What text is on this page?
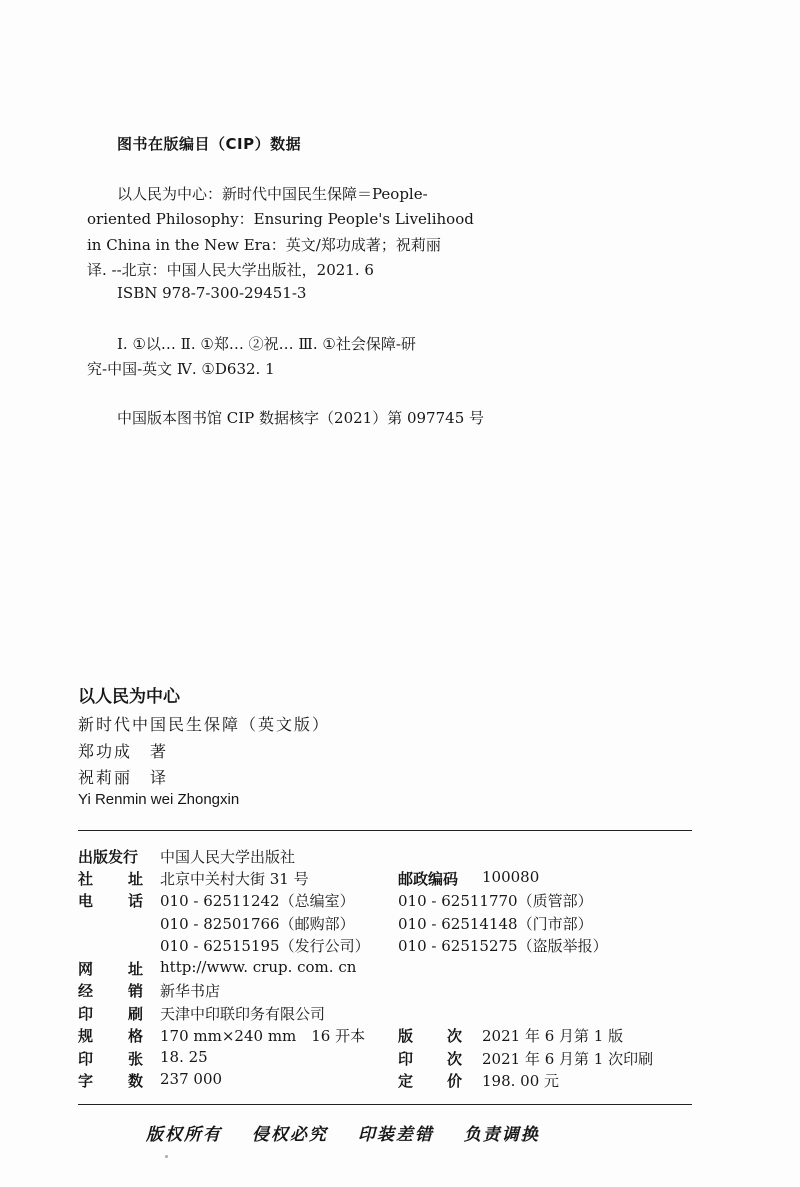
图书在版编目（CIP）数据
以人民为中心：新时代中国民生保障＝People-
oriented Philosophy：Ensuring People's Livelihood
in China in the New Era：英文/郑功成著；祝莉丽
译. --北京：中国人民大学出版社，2021. 6
ISBN 978-7-300-29451-3
Ⅰ. ①以… Ⅱ. ①郑… ②祝… Ⅲ. ①社会保障-研
究-中国-英文 Ⅳ. ①D632. 1
中国版本图书馆 CIP 数据核字（2021）第 097745 号
以人民为中心
新时代中国民生保障（英文版）
郑功成　著
祝莉丽　译
Yi Renmin wei Zhongxin
出版发行 中国人民大学出版社
社 址 北京中关村大街 31 号	邮政编码 100080
电 话 010 - 62511242（总编室）	010 - 62511770（质管部）
010 - 82501766（邮购部）	010 - 62514148（门市部）
010 - 62515195（发行公司） 010 - 62515275（盗版举报）
网 址 http://www. crup. com. cn
经 销 新华书店
印 刷 天津中印联印务有限公司
规 格 170 mm×240 mm　16 开本 版 次 2021 年 6 月第 1 版
印 张 18. 25	印 次 2021 年 6 月第 1 次印刷
字 数 237 000	定 价 198. 00 元
版权所有 侵权必究 印装差错 负责调换
